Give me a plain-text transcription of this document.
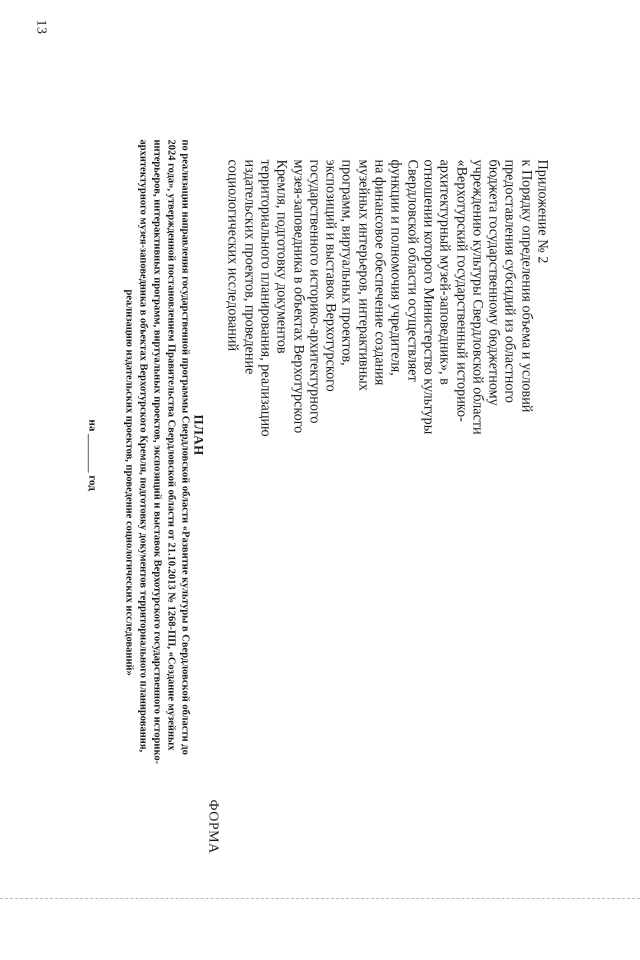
13
Приложение № 2
к Порядку определения объема и условий
предоставления субсидий из областного
бюджета государственному бюджетному
учреждению культуры Свердловской области
«Верхотурский государственный историко-
архитектурный музей-заповедник», в
отношении которого Министерство культуры
Свердловской области осуществляет
функции и полномочия учредителя,
на финансовое обеспечение создания
музейных интерьеров, интерактивных
программ, виртуальных проектов,
экспозиций и выставок Верхотурского
государственного историко-архитектурного
музея-заповедника в объектах Верхотурского
Кремля, подготовку документов
территориального планирования, реализацию
издательских проектов, проведение
социологических исследований
ФОРМА
ПЛАН
по реализации направления государственной программы Свердловской области «Развитие культуры в Свердловской области до
2024 года», утвержденной постановлением Правительства Свердловской области от 21.10.2013 № 1268-ПП, «Создание музейных
интерьеров, интерактивных программ, виртуальных проектов, экспозиций и выставок Верхотурского государственного историко-
архитектурного музея-заповедника в объектах Верхотурского Кремля, подготовку документов территориального планирования,
реализацию издательских проектов, проведение социологических исследований»
на _______ год
